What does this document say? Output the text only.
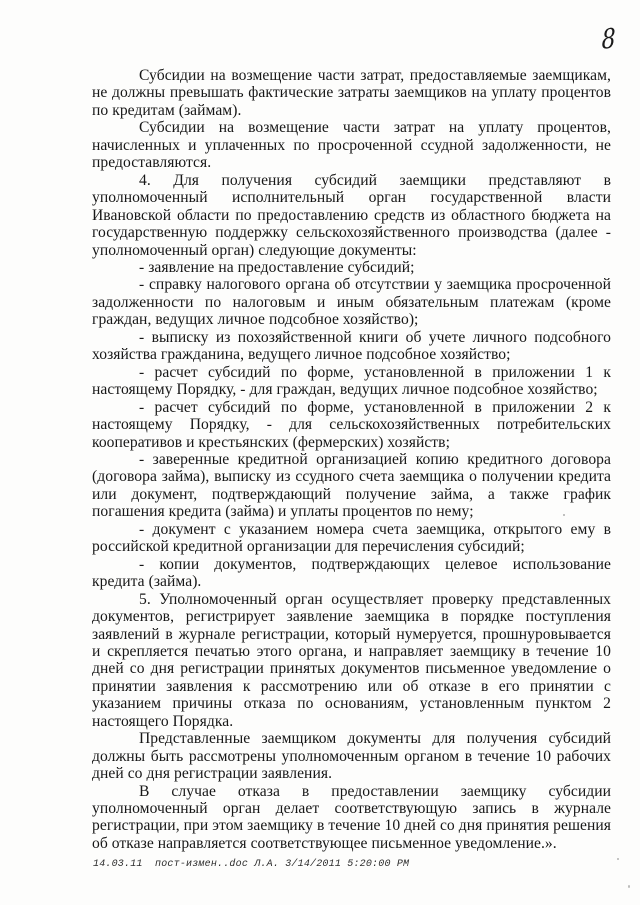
8

Субсидии на возмещение части затрат, предоставляемые заемщикам, не должны превышать фактические затраты заемщиков на уплату процентов по кредитам (займам).

Субсидии на возмещение части затрат на уплату процентов, начисленных и уплаченных по просроченной ссудной задолженности, не предоставляются.

4. Для получения субсидий заемщики представляют в уполномоченный исполнительный орган государственной власти Ивановской области по предоставлению средств из областного бюджета на государственную поддержку сельскохозяйственного производства (далее - уполномоченный орган) следующие документы:

- заявление на предоставление субсидий;

- справку налогового органа об отсутствии у заемщика просроченной задолженности по налоговым и иным обязательным платежам (кроме граждан, ведущих личное подсобное хозяйство);

- выписку из похозяйственной книги об учете личного подсобного хозяйства гражданина, ведущего личное подсобное хозяйство;

- расчет субсидий по форме, установленной в приложении 1 к настоящему Порядку, - для граждан, ведущих личное подсобное хозяйство;

- расчет субсидий по форме, установленной в приложении 2 к настоящему Порядку, - для сельскохозяйственных потребительских кооперативов и крестьянских (фермерских) хозяйств;

- заверенные кредитной организацией копию кредитного договора (договора займа), выписку из ссудного счета заемщика о получении кредита или документ, подтверждающий получение займа, а также график погашения кредита (займа) и уплаты процентов по нему;

- документ с указанием номера счета заемщика, открытого ему в российской кредитной организации для перечисления субсидий;

- копии документов, подтверждающих целевое использование кредита (займа).

5. Уполномоченный орган осуществляет проверку представленных документов, регистрирует заявление заемщика в порядке поступления заявлений в журнале регистрации, который нумеруется, прошнуровывается и скрепляется печатью этого органа, и направляет заемщику в течение 10 дней со дня регистрации принятых документов письменное уведомление о принятии заявления к рассмотрению или об отказе в его принятии с указанием причины отказа по основаниям, установленным пунктом 2 настоящего Порядка.

Представленные заемщиком документы для получения субсидий должны быть рассмотрены уполномоченным органом в течение 10 рабочих дней со дня регистрации заявления.

В случае отказа в предоставлении заемщику субсидии уполномоченный орган делает соответствующую запись в журнале регистрации, при этом заемщику в течение 10 дней со дня принятия решения об отказе направляется соответствующее письменное уведомление.».

14.03.11  пост-измен..doc Л.А. 3/14/2011 5:20:00 PM
